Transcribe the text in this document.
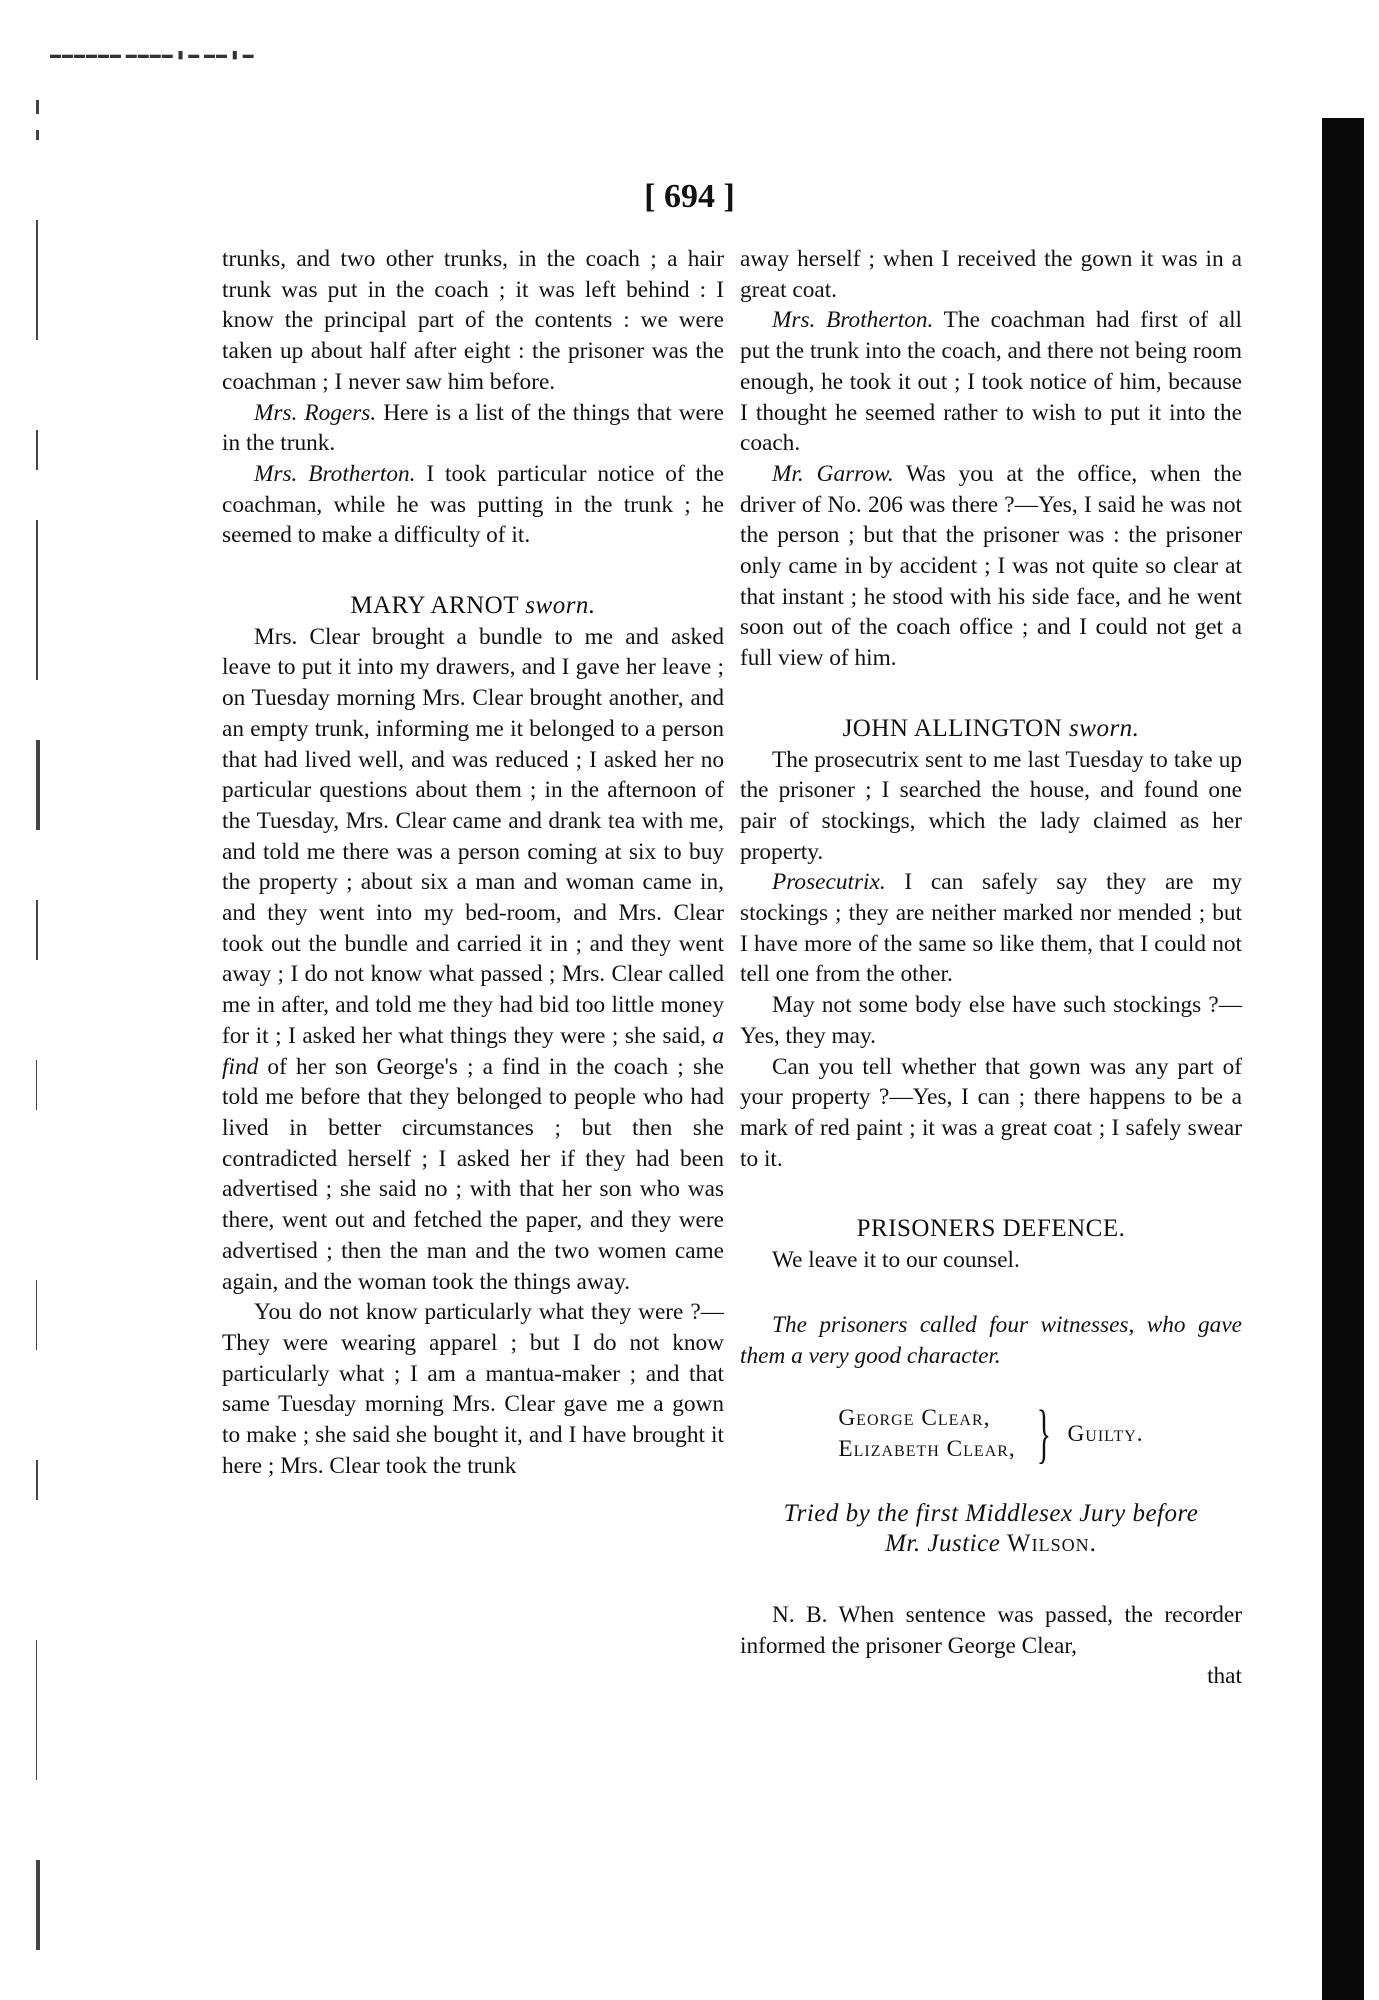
▬▬▬▬▬▬ ▬▬▬▬ ▮ ▬ ▬▬ ▮ ▬
[ 694 ]

trunks, and two other trunks, in the coach ; a hair trunk was put in the coach ; it was left behind : I know the principal part of the contents : we were taken up about half after eight : the prisoner was the coachman ; I never saw him before.

Mrs. Rogers. Here is a list of the things that were in the trunk.

Mrs. Brotherton. I took particular notice of the coachman, while he was putting in the trunk ; he seemed to make a difficulty of it.

MARY ARNOT sworn.

Mrs. Clear brought a bundle to me and asked leave to put it into my drawers, and I gave her leave ; on Tuesday morning Mrs. Clear brought another, and an empty trunk, informing me it belonged to a person that had lived well, and was reduced ; I asked her no particular questions about them ; in the afternoon of the Tuesday, Mrs. Clear came and drank tea with me, and told me there was a person coming at six to buy the property ; about six a man and woman came in, and they went into my bed-room, and Mrs. Clear took out the bundle and carried it in ; and they went away ; I do not know what passed ; Mrs. Clear called me in after, and told me they had bid too little money for it ; I asked her what things they were ; she said, a find of her son George's ; a find in the coach ; she told me before that they belonged to people who had lived in better circumstances ; but then she contradicted herself ; I asked her if they had been advertised ; she said no ; with that her son who was there, went out and fetched the paper, and they were advertised ; then the man and the two women came again, and the woman took the things away.

You do not know particularly what they were ?—They were wearing apparel ; but I do not know particularly what ; I am a mantua-maker ; and that same Tuesday morning Mrs. Clear gave me a gown to make ; she said she bought it, and I have brought it here ; Mrs. Clear took the trunk

away herself ; when I received the gown it was in a great coat.

Mrs. Brotherton. The coachman had first of all put the trunk into the coach, and there not being room enough, he took it out ; I took notice of him, because I thought he seemed rather to wish to put it into the coach.

Mr. Garrow. Was you at the office, when the driver of No. 206 was there ?—Yes, I said he was not the person ; but that the prisoner was : the prisoner only came in by accident ; I was not quite so clear at that instant ; he stood with his side face, and he went soon out of the coach office ; and I could not get a full view of him.

JOHN ALLINGTON sworn.

The prosecutrix sent to me last Tuesday to take up the prisoner ; I searched the house, and found one pair of stockings, which the lady claimed as her property.

Prosecutrix. I can safely say they are my stockings ; they are neither marked nor mended ; but I have more of the same so like them, that I could not tell one from the other.

May not some body else have such stockings ?—Yes, they may.

Can you tell whether that gown was any part of your property ?—Yes, I can ; there happens to be a mark of red paint ; it was a great coat ; I safely swear to it.

PRISONERS DEFENCE.

We leave it to our counsel.

The prisoners called four witnesses, who gave them a very good character.

George Clear,
Elizabeth Clear, } Guilty.

Tried by the first Middlesex Jury before

Mr. Justice Wilson.

N. B. When sentence was passed, the recorder informed the prisoner George Clear,

that
